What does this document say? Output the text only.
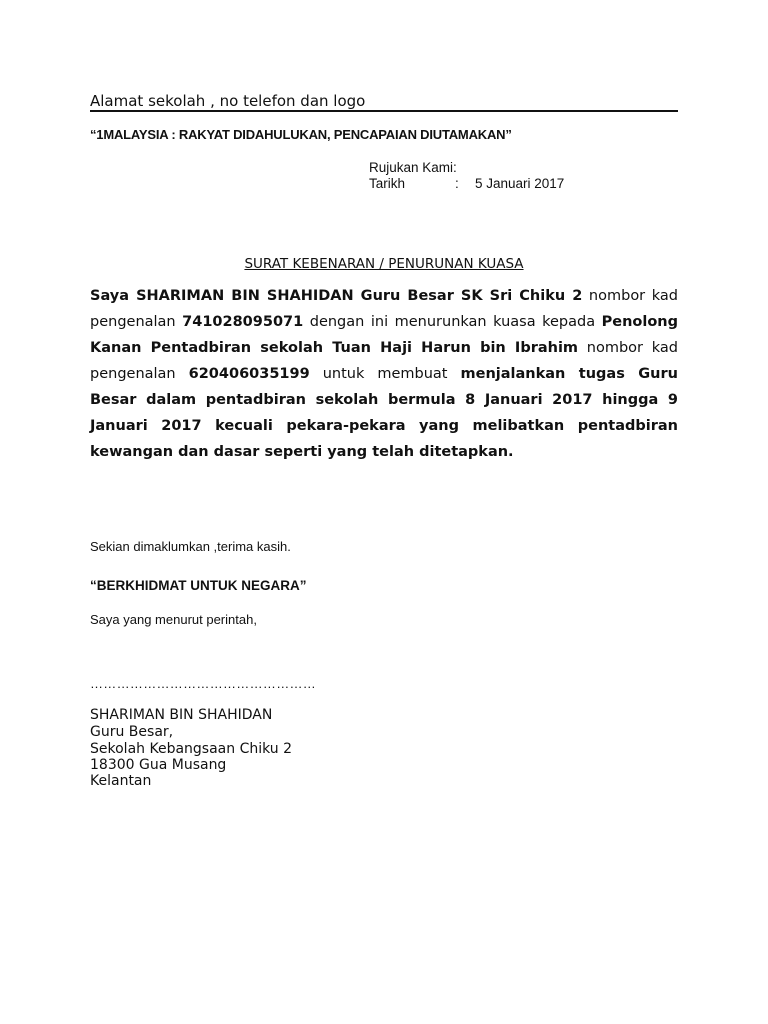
Alamat sekolah , no telefon dan logo
“1MALAYSIA : RAKYAT DIDAHULUKAN, PENCAPAIAN DIUTAMAKAN”
Rujukan Kami:
Tarikh	: 5 Januari 2017
SURAT KEBENARAN / PENURUNAN KUASA

Saya SHARIMAN BIN SHAHIDAN Guru Besar SK Sri Chiku 2 nombor kad pengenalan 741028095071 dengan ini menurunkan kuasa kepada Penolong Kanan Pentadbiran sekolah Tuan Haji Harun bin Ibrahim nombor kad pengenalan 620406035199 untuk membuat menjalankan tugas Guru Besar dalam pentadbiran sekolah bermula 8 Januari 2017 hingga 9 Januari 2017 kecuali pekara-pekara yang melibatkan pentadbiran kewangan dan dasar seperti yang telah ditetapkan.

Sekian dimaklumkan ,terima kasih.
“BERKHIDMAT UNTUK NEGARA”
Saya yang menurut perintah,
……………………………………………
SHARIMAN BIN SHAHIDAN
Guru Besar,
Sekolah Kebangsaan Chiku 2
18300 Gua Musang
Kelantan
